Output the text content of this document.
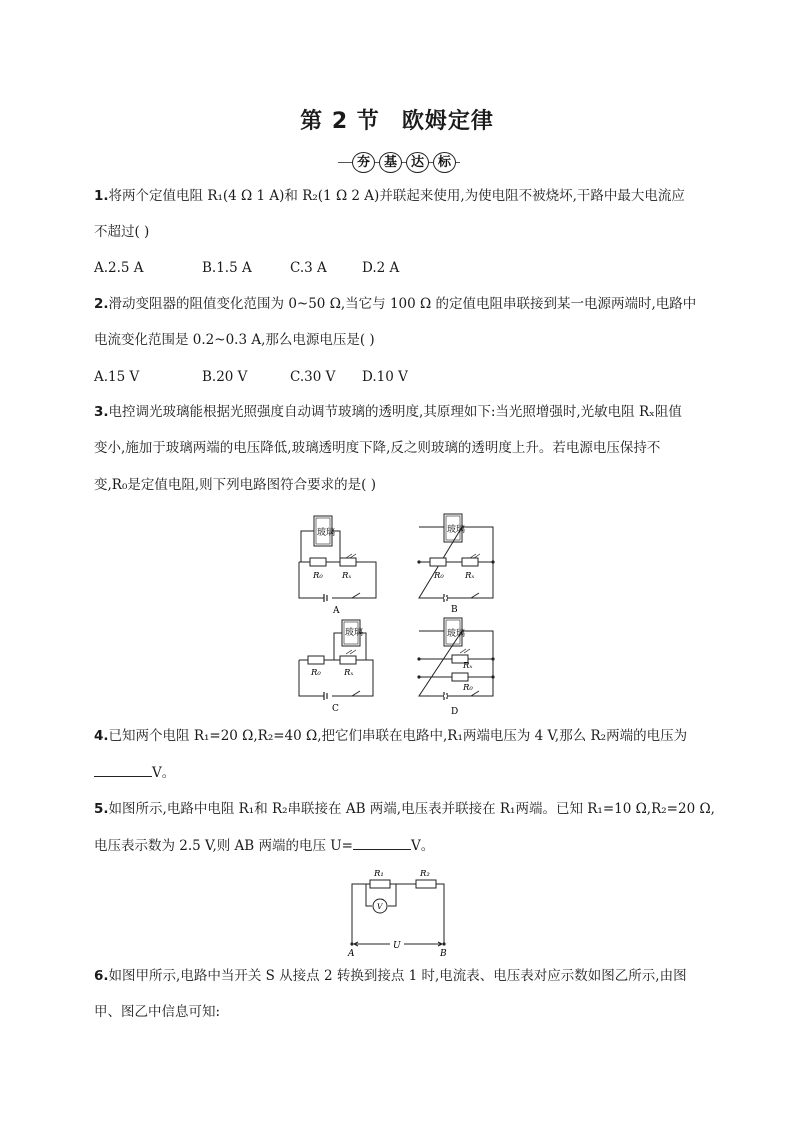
第 2 节 欧姆定律
夯	基	达	标
1.将两个定值电阻 R₁(4 Ω 1 A)和 R₂(1 Ω 2 A)并联起来使用,为使电阻不被烧坏,干路中最大电流应
不超过( )
A.2.5 A	B.1.5 A	C.3 A	D.2 A
2.滑动变阻器的阻值变化范围为 0~50 Ω,当它与 100 Ω 的定值电阻串联接到某一电源两端时,电路中
电流变化范围是 0.2~0.3 A,那么电源电压是( )
A.15 V	B.20 V	C.30 V D.10 V
3.电控调光玻璃能根据光照强度自动调节玻璃的透明度,其原理如下:当光照增强时,光敏电阻 Rₓ阻值
变小,施加于玻璃两端的电压降低,玻璃透明度下降,反之则玻璃的透明度上升。若电源电压保持不
变,R₀是定值电阻,则下列电路图符合要求的是( )
玻璃
R₀ Rₓ
A
玻璃
R₀ Rₓ
B
玻璃
R₀	Rₓ
C
玻璃
Rₓ
R₀
D
4.已知两个电阻 R₁=20 Ω,R₂=40 Ω,把它们串联在电路中,R₁两端电压为 4 V,那么 R₂两端的电压为
V。
5.如图所示,电路中电阻 R₁和 R₂串联接在 AB 两端,电压表并联接在 R₁两端。已知 R₁=10 Ω,R₂=20 Ω,
电压表示数为 2.5 V,则 AB 两端的电压 U=	V。
R₁	R₂
V
U
A	B
6.如图甲所示,电路中当开关 S 从接点 2 转换到接点 1 时,电流表、电压表对应示数如图乙所示,由图
甲、图乙中信息可知:
